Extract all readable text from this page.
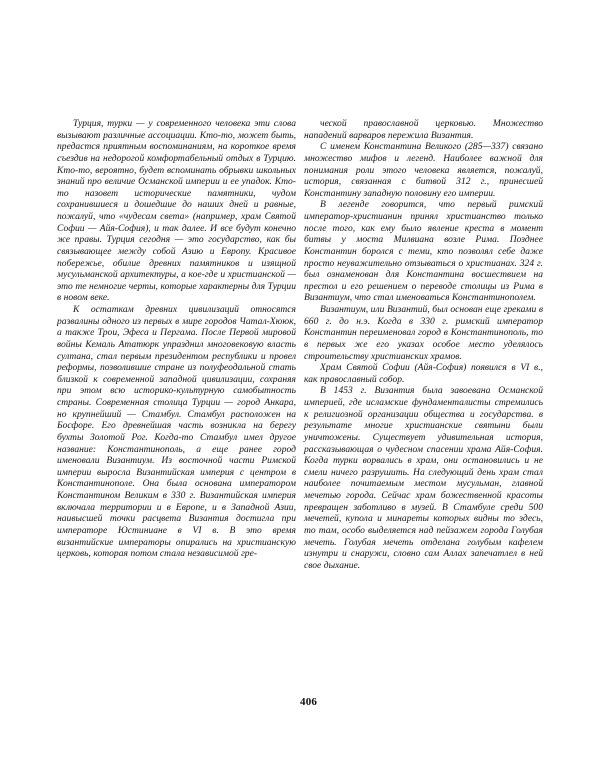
Турция, турки — у современного человека эти слова вызывают различные ассоциации. Кто-то, может быть, предастся приятным воспоминаниям, на короткое время съездив на недорогой комфортабельный отдых в Турцию. Кто-то, вероятно, будет вспоминать обрывки школьных знаний про величие Османской империи и ее упадок. Кто-то назовет исторические памятники, чудом сохранившиеся и дошедшие до наших дней и равные, пожалуй, что «чудесам света» (например, храм Святой Софии — Айя-София), и так далее. И все будут конечно же правы. Турция сегодня — это государство, как бы связывающее между собой Азию и Европу. Красивое побережье, обилие древних памятников и изящной мусульманской архитектуры, а кое-где и христианской — это те немногие черты, которые характерны для Турции в новом веке.

К остаткам древних цивилизаций относятся развалины одного из первых в мире городов Чатал-Хююк, а также Трои, Эфеса и Пергама. После Первой мировой войны Кемаль Ататюрк упразднил многовековую власть султана, стал первым президентом республики и провел реформы, позволившие стране из полуфеодальной стать близкой к современной западной цивилизации, сохраняя при этом всю историко-культурную самобытность страны. Современная столица Турции — город Анкара, но крупнейший — Стамбул. Стамбул расположен на Босфоре. Его древнейшая часть возникла на берегу бухты Золотой Рог. Когда-то Стамбул имел другое название: Константинополь, а еще ранее город именовали Византиум. Из восточной части Римской империи выросла Византийская империя с центром в Константинополе. Она была основана императором Константином Великим в 330 г. Византийская империя включала территории и в Европе, и в Западной Азии, наивысшей точки расцвета Византия достигла при императоре Юстиниане в VI в. В это время византийские императоры опирались на христианскую церковь, которая потом стала независимой гре-

ческой православной церковью. Множество нападений варваров пережила Византия.

С именем Константина Великого (285—337) связано множество мифов и легенд. Наиболее важной для понимания роли этого человека является, пожалуй, история, связанная с битвой 312 г., принесшей Константину западную половину его империи.

В легенде говорится, что первый римский император-христианин принял христианство только после того, как ему было явление креста в момент битвы у моста Милвиана возле Рима. Позднее Константин боролся с теми, кто позволял себе даже просто неуважительно отзываться о христианах. 324 г. был ознаменован для Константина восшествием на престол и его решением о переводе столицы из Рима в Византиум, что стал именоваться Константинополем.

Византиум, или Византий, был основан еще греками в 660 г. до н.э. Когда в 330 г. римский император Константин переименовал город в Константинополь, то в первых же его указах особое место уделялось строительству христианских храмов.

Храм Святой Софии (Айя-София) появился в VI в., как православный собор.

В 1453 г. Византия была завоевана Османской империей, где исламские фундаменталисты стремились к религиозной организации общества и государства. в результате многие христианские святыни были уничтожены. Существует удивительная история, рассказывающая о чудесном спасении храма Айя-София. Когда турки ворвались в храм, они остановились и не смели ничего разрушить. На следующий день храм стал наиболее почитаемым местом мусульман, главной мечетью города. Сейчас храм божественной красоты превращен заботливо в музей. В Стамбуле среди 500 мечетей, купола и минареты которых видны то здесь, то там, особо выделяется над пейзажем города Голубая мечеть. Голубая мечеть отделана голубым кафелем изнутри и снаружи, словно сам Аллах запечатлел в ней свое дыхание.

406
